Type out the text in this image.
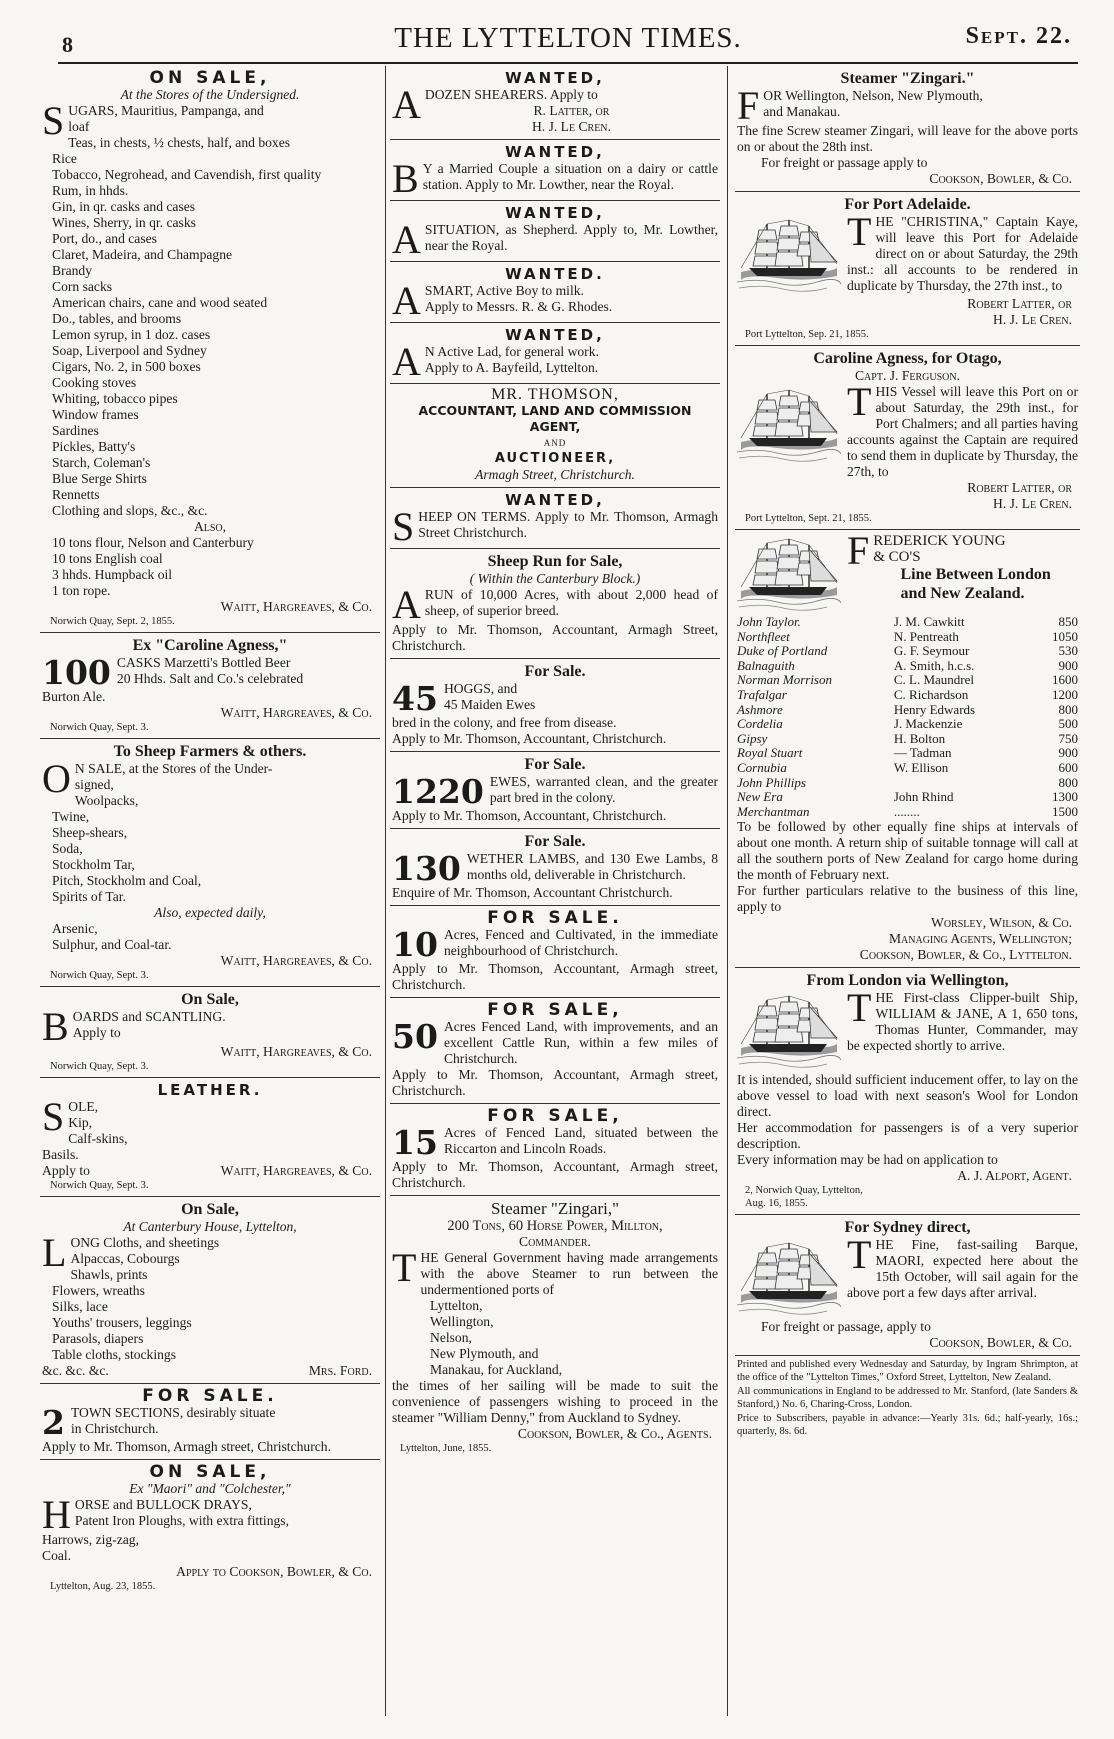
8	THE LYTTELTON TIMES.	Sept. 22.
ON SALE,
At the Stores of the Undersigned.
S UGARS, Mauritius, Pampanga, and
loaf
Teas, in chests, ½ chests, half, and boxes
Rice
Tobacco, Negrohead, and Cavendish, first quality
Rum, in hhds.
Gin, in qr. casks and cases
Wines, Sherry, in qr. casks
Port, do., and cases
Claret, Madeira, and Champagne
Brandy
Corn sacks
American chairs, cane and wood seated
Do., tables, and brooms
Lemon syrup, in 1 doz. cases
Soap, Liverpool and Sydney
Cigars, No. 2, in 500 boxes
Cooking stoves
Whiting, tobacco pipes
Window frames
Sardines
Pickles, Batty's
Starch, Coleman's
Blue Serge Shirts
Rennetts
Clothing and slops, &c., &c.
Also,
10 tons flour, Nelson and Canterbury
10 tons English coal
3 hhds. Humpback oil
1 ton rope.
Waitt, Hargreaves, & Co.
Norwich Quay, Sept. 2, 1855.
Ex "Caroline Agness,"
100 CASKS Marzetti's Bottled Beer
20 Hhds. Salt and Co.'s celebrated
Burton Ale.
Waitt, Hargreaves, & Co.
Norwich Quay, Sept. 3.
To Sheep Farmers & others.
O N SALE, at the Stores of the Under-
signed,
Woolpacks,
Twine,
Sheep-shears,
Soda,
Stockholm Tar,
Pitch, Stockholm and Coal,
Spirits of Tar.
Also, expected daily,
Arsenic,
Sulphur, and Coal-tar.
Waitt, Hargreaves, & Co.
Norwich Quay, Sept. 3.
On Sale,
B OARDS and SCANTLING.
Apply to
Waitt, Hargreaves, & Co.
Norwich Quay, Sept. 3.
LEATHER.
S OLE,
Kip,
Calf-skins,
Basils.
Apply to	Waitt, Hargreaves, & Co.
Norwich Quay, Sept. 3.
On Sale,
At Canterbury House, Lyttelton,
L ONG Cloths, and sheetings
Alpaccas, Cobourgs
Shawls, prints
Flowers, wreaths
Silks, lace
Youths' trousers, leggings
Parasols, diapers
Table cloths, stockings
&c. &c. &c.	Mrs. Ford.
FOR SALE.
2 TOWN SECTIONS, desirably situate
in Christchurch.
Apply to Mr. Thomson, Armagh street, Christchurch.
ON SALE,
Ex "Maori" and "Colchester,"
H ORSE and BULLOCK DRAYS,
Patent Iron Ploughs, with extra fittings,
Harrows, zig-zag,
Coal.
Apply to Cookson, Bowler, & Co.
Lyttelton, Aug. 23, 1855.
WANTED,
A DOZEN SHEARERS. Apply to
R. Latter, or
H. J. Le Cren.
WANTED,
B Y a Married Couple a situation on a dairy or cattle station. Apply to Mr. Lowther, near the Royal.
WANTED,
A SITUATION, as Shepherd. Apply to, Mr. Lowther, near the Royal.
WANTED.
A SMART, Active Boy to milk.
Apply to Messrs. R. & G. Rhodes.
WANTED,
A N Active Lad, for general work.
Apply to A. Bayfeild, Lyttelton.
MR. THOMSON,
ACCOUNTANT, LAND AND COMMISSION AGENT,
AND
AUCTIONEER,
Armagh Street, Christchurch.
WANTED,
S HEEP ON TERMS. Apply to Mr. Thomson, Armagh Street Christchurch.
Sheep Run for Sale,
( Within the Canterbury Block.)
A RUN of 10,000 Acres, with about 2,000 head of sheep, of superior breed.
Apply to Mr. Thomson, Accountant, Armagh Street, Christchurch.
For Sale.
45 HOGGS, and
45 Maiden Ewes
bred in the colony, and free from disease.
Apply to Mr. Thomson, Accountant, Christchurch.
For Sale.
1220 EWES, warranted clean, and the greater part bred in the colony.
Apply to Mr. Thomson, Accountant, Christchurch.
For Sale.
130 WETHER LAMBS, and 130 Ewe Lambs, 8 months old, deliverable in Christchurch.
Enquire of Mr. Thomson, Accountant Christchurch.
FOR SALE.
10 Acres, Fenced and Cultivated, in the immediate neighbourhood of Christchurch.
Apply to Mr. Thomson, Accountant, Armagh street, Christchurch.
FOR SALE,
50 Acres Fenced Land, with improvements, and an excellent Cattle Run, within a few miles of Christchurch.
Apply to Mr. Thomson, Accountant, Armagh street, Christchurch.
FOR SALE,
15 Acres of Fenced Land, situated between the Riccarton and Lincoln Roads.
Apply to Mr. Thomson, Accountant, Armagh street, Christchurch.
Steamer "Zingari,"
200 Tons, 60 Horse Power, Millton,
Commander.
T HE General Government having made arrangements with the above Steamer to run between the undermentioned ports of
Lyttelton,
Wellington,
Nelson,
New Plymouth, and
Manakau, for Auckland,
the times of her sailing will be made to suit the convenience of passengers wishing to proceed in the steamer "William Denny," from Auckland to Sydney.
Cookson, Bowler, & Co., Agents.
Lyttelton, June, 1855.
Steamer "Zingari."
F OR Wellington, Nelson, New Plymouth,
and Manakau.
The fine Screw steamer Zingari, will leave for the above ports on or about the 28th inst.
For freight or passage apply to
Cookson, Bowler, & Co.
For Port Adelaide.
T HE "CHRISTINA," Captain Kaye, will leave this Port for Adelaide direct on or about Saturday, the 29th inst.: all accounts to be rendered in duplicate by Thursday, the 27th inst., to
Robert Latter, or
H. J. Le Cren.
Port Lyttelton, Sep. 21, 1855.
Caroline Agness, for Otago,
Capt. J. Ferguson.
T HIS Vessel will leave this Port on or about Saturday, the 29th inst., for Port Chalmers; and all parties having accounts against the Captain are required to send them in duplicate by Thursday, the 27th, to
Robert Latter, or
H. J. Le Cren.
Port Lyttelton, Sept. 21, 1855.
F REDERICK YOUNG
& CO'S
Line Between London
and New Zealand.
John Taylor.	J. M. Cawkitt	850
Northfleet	N. Pentreath	1050
Duke of Portland	G. F. Seymour	530
Balnaguith	A. Smith, h.c.s.	900
Norman Morrison	C. L. Maundrel	1600
Trafalgar	C. Richardson	1200
Ashmore	Henry Edwards	800
Cordelia	J. Mackenzie	500
Gipsy	H. Bolton	750
Royal Stuart	— Tadman	900
Cornubia	W. Ellison	600
John Phillips		800
New Era	John Rhind	1300
Merchantman	........	1500
To be followed by other equally fine ships at intervals of about one month. A return ship of suitable tonnage will call at all the southern ports of New Zealand for cargo home during the month of February next.
For further particulars relative to the business of this line, apply to
Worsley, Wilson, & Co.
Managing Agents, Wellington;
Cookson, Bowler, & Co., Lyttelton.
From London via Wellington,
T HE First-class Clipper-built Ship, WILLIAM & JANE, A 1, 650 tons, Thomas Hunter, Commander, may be expected shortly to arrive.
It is intended, should sufficient inducement offer, to lay on the above vessel to load with next season's Wool for London direct.
Her accommodation for passengers is of a very superior description.
Every information may be had on application to
A. J. Alport, Agent.
2, Norwich Quay, Lyttelton,
Aug. 16, 1855.
For Sydney direct,
T HE Fine, fast-sailing Barque, MAORI, expected here about the 15th October, will sail again for the above port a few days after arrival.
For freight or passage, apply to
Cookson, Bowler, & Co.

Printed and published every Wednesday and Saturday, by Ingram Shrimpton, at the office of the "Lyttelton Times," Oxford Street, Lyttelton, New Zealand.

All communications in England to be addressed to Mr. Stanford, (late Sanders & Stanford,) No. 6, Charing-Cross, London.

Price to Subscribers, payable in advance:—Yearly 31s. 6d.; half-yearly, 16s.; quarterly, 8s. 6d.
